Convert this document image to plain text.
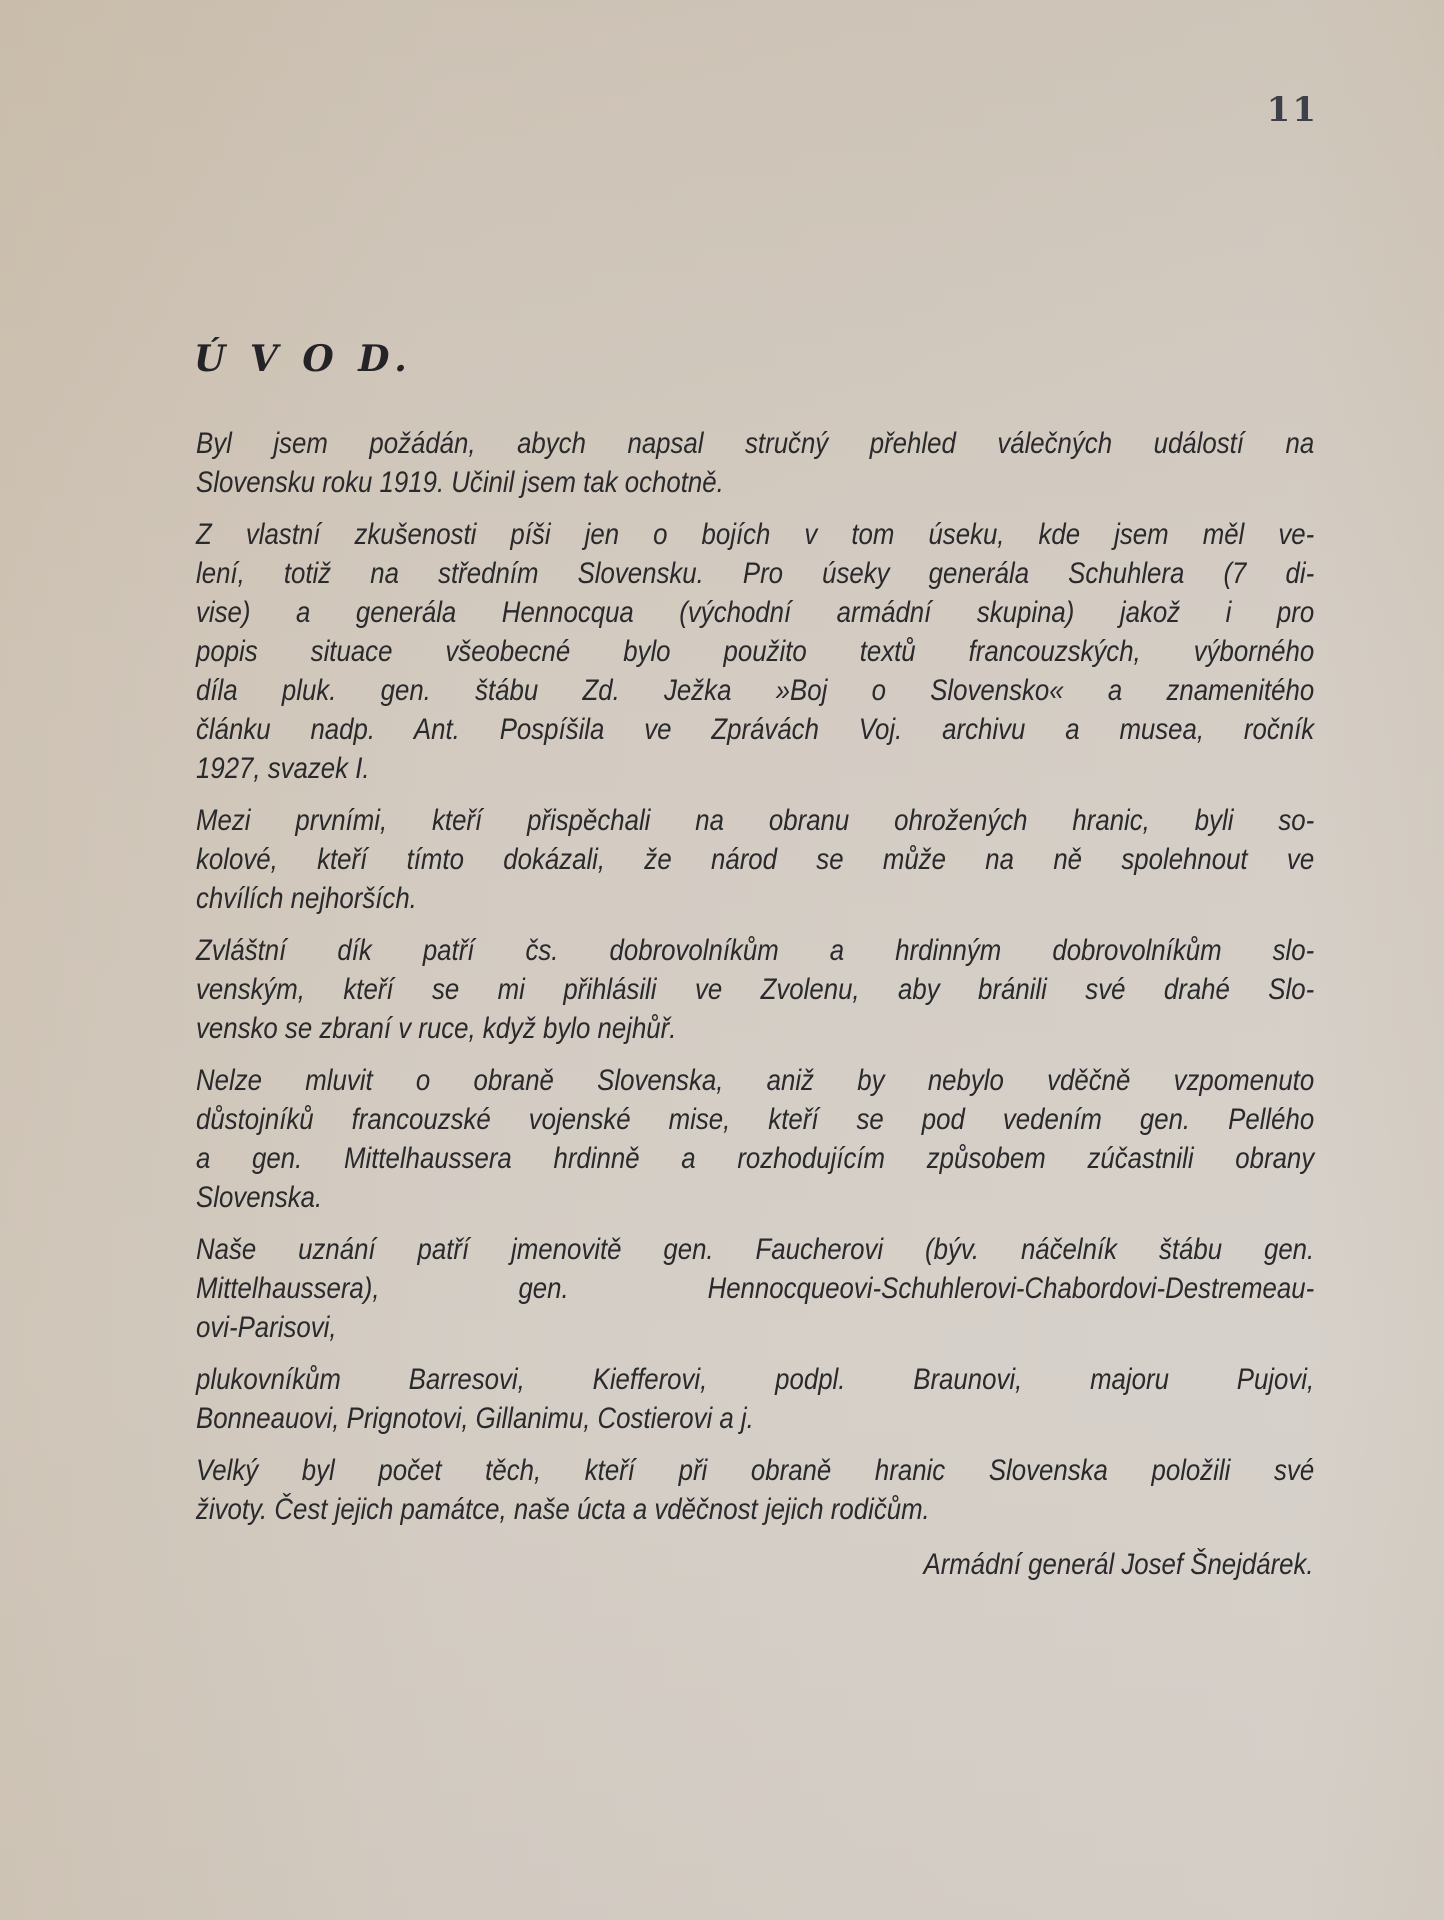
11
Ú V O D.
Byl jsem požádán, abych napsal stručný přehled válečných událostí na
Slovensku roku 1919. Učinil jsem tak ochotně.
Z vlastní zkušenosti píši jen o bojích v tom úseku, kde jsem měl ve-
lení, totiž na středním Slovensku. Pro úseky generála Schuhlera (7 di-
vise) a generála Hennocqua (východní armádní skupina) jakož i pro
popis situace všeobecné bylo použito textů francouzských, výborného
díla pluk. gen. štábu Zd. Ježka »Boj o Slovensko« a znamenitého
článku nadp. Ant. Pospíšila ve Zprávách Voj. archivu a musea, ročník
1927, svazek I.
Mezi prvními, kteří přispěchali na obranu ohrožených hranic, byli so-
kolové, kteří tímto dokázali, že národ se může na ně spolehnout ve
chvílích nejhorších.
Zvláštní dík patří čs. dobrovolníkům a hrdinným dobrovolníkům slo-
venským, kteří se mi přihlásili ve Zvolenu, aby bránili své drahé Slo-
vensko se zbraní v ruce, když bylo nejhůř.
Nelze mluvit o obraně Slovenska, aniž by nebylo vděčně vzpomenuto
důstojníků francouzské vojenské mise, kteří se pod vedením gen. Pelléhо
a gen. Mittelhaussera hrdinně a rozhodujícím způsobem zúčastnili obrany
Slovenska.
Naše uznání patří jmenovitě gen. Faucherovi (býv. náčelník štábu gen.
Mittelhaussera), gen. Hennocqueovi-Schuhlerovi-Chabordovi-Destremeau-
ovi-Parisovi,
plukovníkům Barresovi, Kiefferovi, podpl. Braunovi, majoru Pujovi,
Bonneauovi, Prignotovi, Gillanimu, Costierovi a j.
Velký byl počet těch, kteří při obraně hranic Slovenska položili své
životy. Čest jejich památce, naše úcta a vděčnost jejich rodičům.
Armádní generál Josef Šnejdárek.
